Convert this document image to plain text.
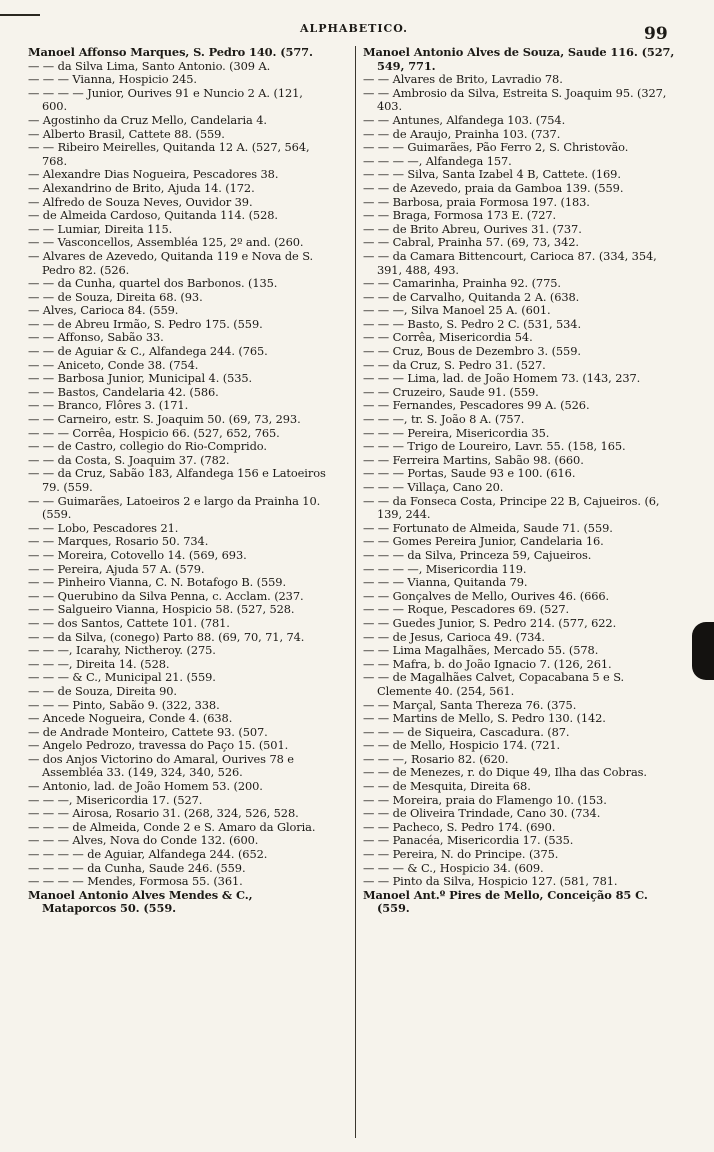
ALPHABETICO.	99

Manoel Affonso Marques, S. Pedro 140. (577.

— — da Silva Lima, Santo Antonio. (309 A.

— — — Vianna, Hospicio 245.

— — — — Junior, Ourives 91 e Nuncio 2 A. (121, 600.

— Agostinho da Cruz Mello, Candelaria 4.

— Alberto Brasil, Cattete 88. (559.

— — Ribeiro Meirelles, Quitanda 12 A. (527, 564, 768.

— Alexandre Dias Nogueira, Pescadores 38.

— Alexandrino de Brito, Ajuda 14. (172.

— Alfredo de Souza Neves, Ouvidor 39.

— de Almeida Cardoso, Quitanda 114. (528.

— — Lumiar, Direita 115.

— — Vasconcellos, Assembléa 125, 2º and. (260.

— Alvares de Azevedo, Quitanda 119 e Nova de S. Pedro 82. (526.

— — da Cunha, quartel dos Barbonos. (135.

— — de Souza, Direita 68. (93.

— Alves, Carioca 84. (559.

— — de Abreu Irmão, S. Pedro 175. (559.

— — Affonso, Sabão 33.

— — de Aguiar & C., Alfandega 244. (765.

— — Aniceto, Conde 38. (754.

— — Barbosa Junior, Municipal 4. (535.

— — Bastos, Candelaria 42. (586.

— — Branco, Flôres 3. (171.

— — Carneiro, estr. S. Joaquim 50. (69, 73, 293.

— — — Corrêa, Hospicio 66. (527, 652, 765.

— — de Castro, collegio do Rio-Comprido.

— — da Costa, S. Joaquim 37. (782.

— — da Cruz, Sabão 183, Alfandega 156 e Latoeiros 79. (559.

— — Guimarães, Latoeiros 2 e largo da Prainha 10. (559.

— — Lobo, Pescadores 21.

— — Marques, Rosario 50. 734.

— — Moreira, Cotovello 14. (569, 693.

— — Pereira, Ajuda 57 A. (579.

— — Pinheiro Vianna, C. N. Botafogo B. (559.

— — Querubino da Silva Penna, c. Acclam. (237.

— — Salgueiro Vianna, Hospicio 58. (527, 528.

— — dos Santos, Cattete 101. (781.

— — da Silva, (conego) Parto 88. (69, 70, 71, 74.

— — —, Icarahy, Nictheroy. (275.

— — —, Direita 14. (528.

— — — & C., Municipal 21. (559.

— — de Souza, Direita 90.

— — — Pinto, Sabão 9. (322, 338.

— Ancede Nogueira, Conde 4. (638.

— de Andrade Monteiro, Cattete 93. (507.

— Angelo Pedrozo, travessa do Paço 15. (501.

— dos Anjos Victorino do Amaral, Ourives 78 e Assembléa 33. (149, 324, 340, 526.

— Antonio, lad. de João Homem 53. (200.

— — —, Misericordia 17. (527.

— — — Airosa, Rosario 31. (268, 324, 526, 528.

— — — de Almeida, Conde 2 e S. Amaro da Gloria.

— — — Alves, Nova do Conde 132. (600.

— — — — de Aguiar, Alfandega 244. (652.

— — — — da Cunha, Saude 246. (559.

— — — — Mendes, Formosa 55. (361.

Manoel Antonio Alves Mendes & C., Mataporcos 50. (559.

Manoel Antonio Alves de Souza, Saude 116. (527, 549, 771.

— — Alvares de Brito, Lavradio 78.

— — Ambrosio da Silva, Estreita S. Joaquim 95. (327, 403.

— — Antunes, Alfandega 103. (754.

— — de Araujo, Prainha 103. (737.

— — — Guimarães, Pão Ferro 2, S. Christovão.

— — — —, Alfandega 157.

— — — Silva, Santa Izabel 4 B, Cattete. (169.

— — de Azevedo, praia da Gamboa 139. (559.

— — Barbosa, praia Formosa 197. (183.

— — Braga, Formosa 173 E. (727.

— — de Brito Abreu, Ourives 31. (737.

— — Cabral, Prainha 57. (69, 73, 342.

— — da Camara Bittencourt, Carioca 87. (334, 354, 391, 488, 493.

— — Camarinha, Prainha 92. (775.

— — de Carvalho, Quitanda 2 A. (638.

— — —, Silva Manoel 25 A. (601.

— — — Basto, S. Pedro 2 C. (531, 534.

— — Corrêa, Misericordia 54.

— — Cruz, Bous de Dezembro 3. (559.

— — da Cruz, S. Pedro 31. (527.

— — — Lima, lad. de João Homem 73. (143, 237.

— — Cruzeiro, Saude 91. (559.

— — Fernandes, Pescadores 99 A. (526.

— — —, tr. S. João 8 A. (757.

— — — Pereira, Misericordia 35.

— — — Trigo de Loureiro, Lavr. 55. (158, 165.

— — Ferreira Martins, Sabão 98. (660.

— — — Portas, Saude 93 e 100. (616.

— — — Villaça, Cano 20.

— — da Fonseca Costa, Principe 22 B, Cajueiros. (6, 139, 244.

— — Fortunato de Almeida, Saude 71. (559.

— — Gomes Pereira Junior, Candelaria 16.

— — — da Silva, Princeza 59, Cajueiros.

— — — —, Misericordia 119.

— — — Vianna, Quitanda 79.

— — Gonçalves de Mello, Ourives 46. (666.

— — — Roque, Pescadores 69. (527.

— — Guedes Junior, S. Pedro 214. (577, 622.

— — de Jesus, Carioca 49. (734.

— — Lima Magalhães, Mercado 55. (578.

— — Mafra, b. do João Ignacio 7. (126, 261.

— — de Magalhães Calvet, Copacabana 5 e S. Clemente 40. (254, 561.

— — Marçal, Santa Thereza 76. (375.

— — Martins de Mello, S. Pedro 130. (142.

— — — de Siqueira, Cascadura. (87.

— — de Mello, Hospicio 174. (721.

— — —, Rosario 82. (620.

— — de Menezes, r. do Dique 49, Ilha das Cobras.

— — de Mesquita, Direita 68.

— — Moreira, praia do Flamengo 10. (153.

— — de Oliveira Trindade, Cano 30. (734.

— — Pacheco, S. Pedro 174. (690.

— — Panacéa, Misericordia 17. (535.

— — Pereira, N. do Principe. (375.

— — — & C., Hospicio 34. (609.

— — Pinto da Silva, Hospicio 127. (581, 781.

Manoel Ant.º Pires de Mello, Conceição 85 C. (559.
